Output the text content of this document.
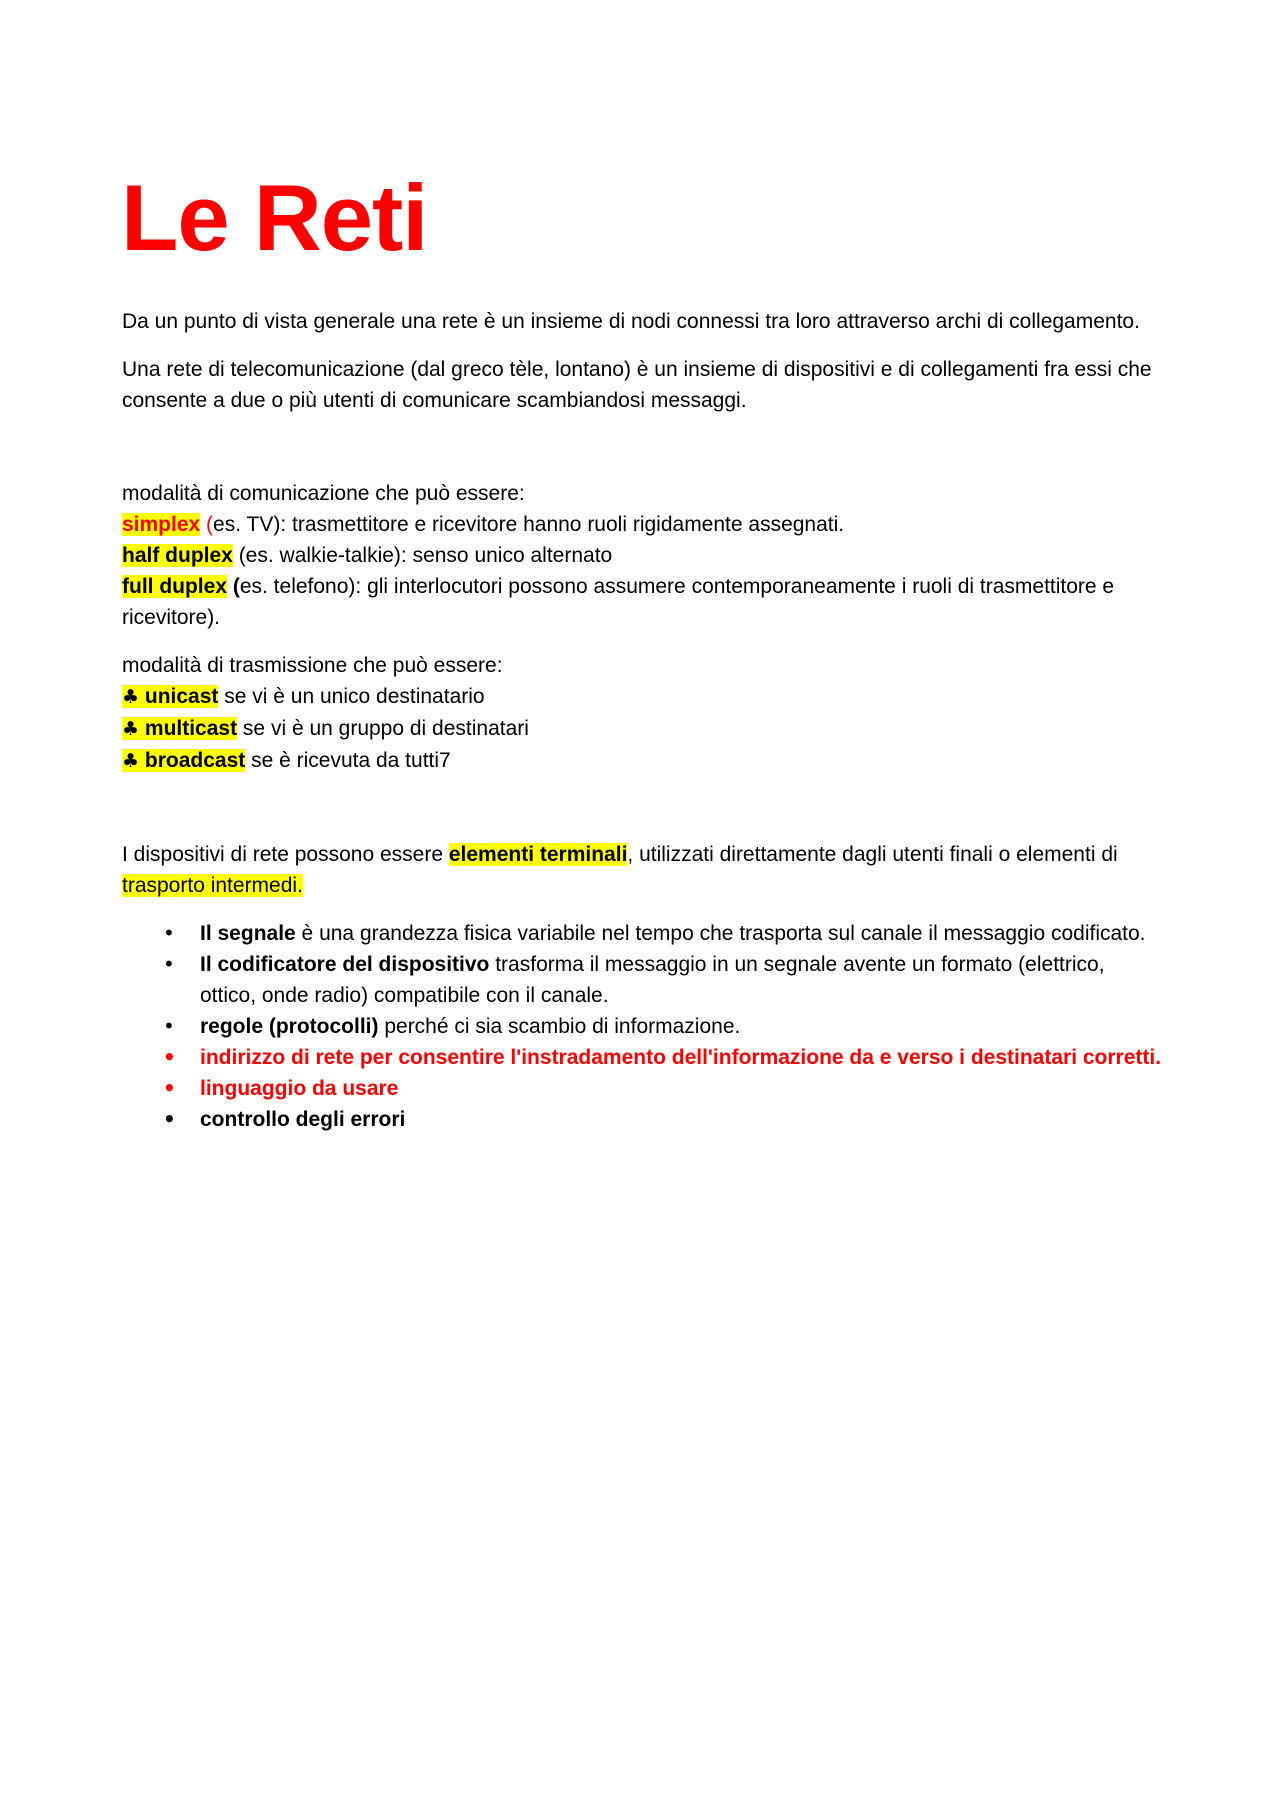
Le Reti

Da un punto di vista generale una rete è un insieme di nodi connessi tra loro attraverso archi di collegamento.

Una rete di telecomunicazione (dal greco tèle, lontano) è un insieme di dispositivi e di collegamenti fra essi che consente a due o più utenti di comunicare scambiandosi messaggi.

modalità di comunicazione che può essere:

simplex (es. TV): trasmettitore e ricevitore hanno ruoli rigidamente assegnati.

half duplex (es. walkie-talkie): senso unico alternato

full duplex (es. telefono): gli interlocutori possono assumere contemporaneamente i ruoli di trasmettitore e ricevitore).

modalità di trasmissione che può essere:

♣ unicast se vi è un unico destinatario

♣ multicast se vi è un gruppo di destinatari

♣ broadcast se è ricevuta da tutti7

I dispositivi di rete possono essere elementi terminali, utilizzati direttamente dagli utenti finali o elementi di trasporto intermedi.

• Il segnale è una grandezza fisica variabile nel tempo che trasporta sul canale il messaggio codificato.
• Il codificatore del dispositivo trasforma il messaggio in un segnale avente un formato (elettrico, ottico, onde radio) compatibile con il canale.
• regole (protocolli) perché ci sia scambio di informazione.
• indirizzo di rete per consentire l'instradamento dell'informazione da e verso i destinatari corretti.
• linguaggio da usare
• controllo degli errori
